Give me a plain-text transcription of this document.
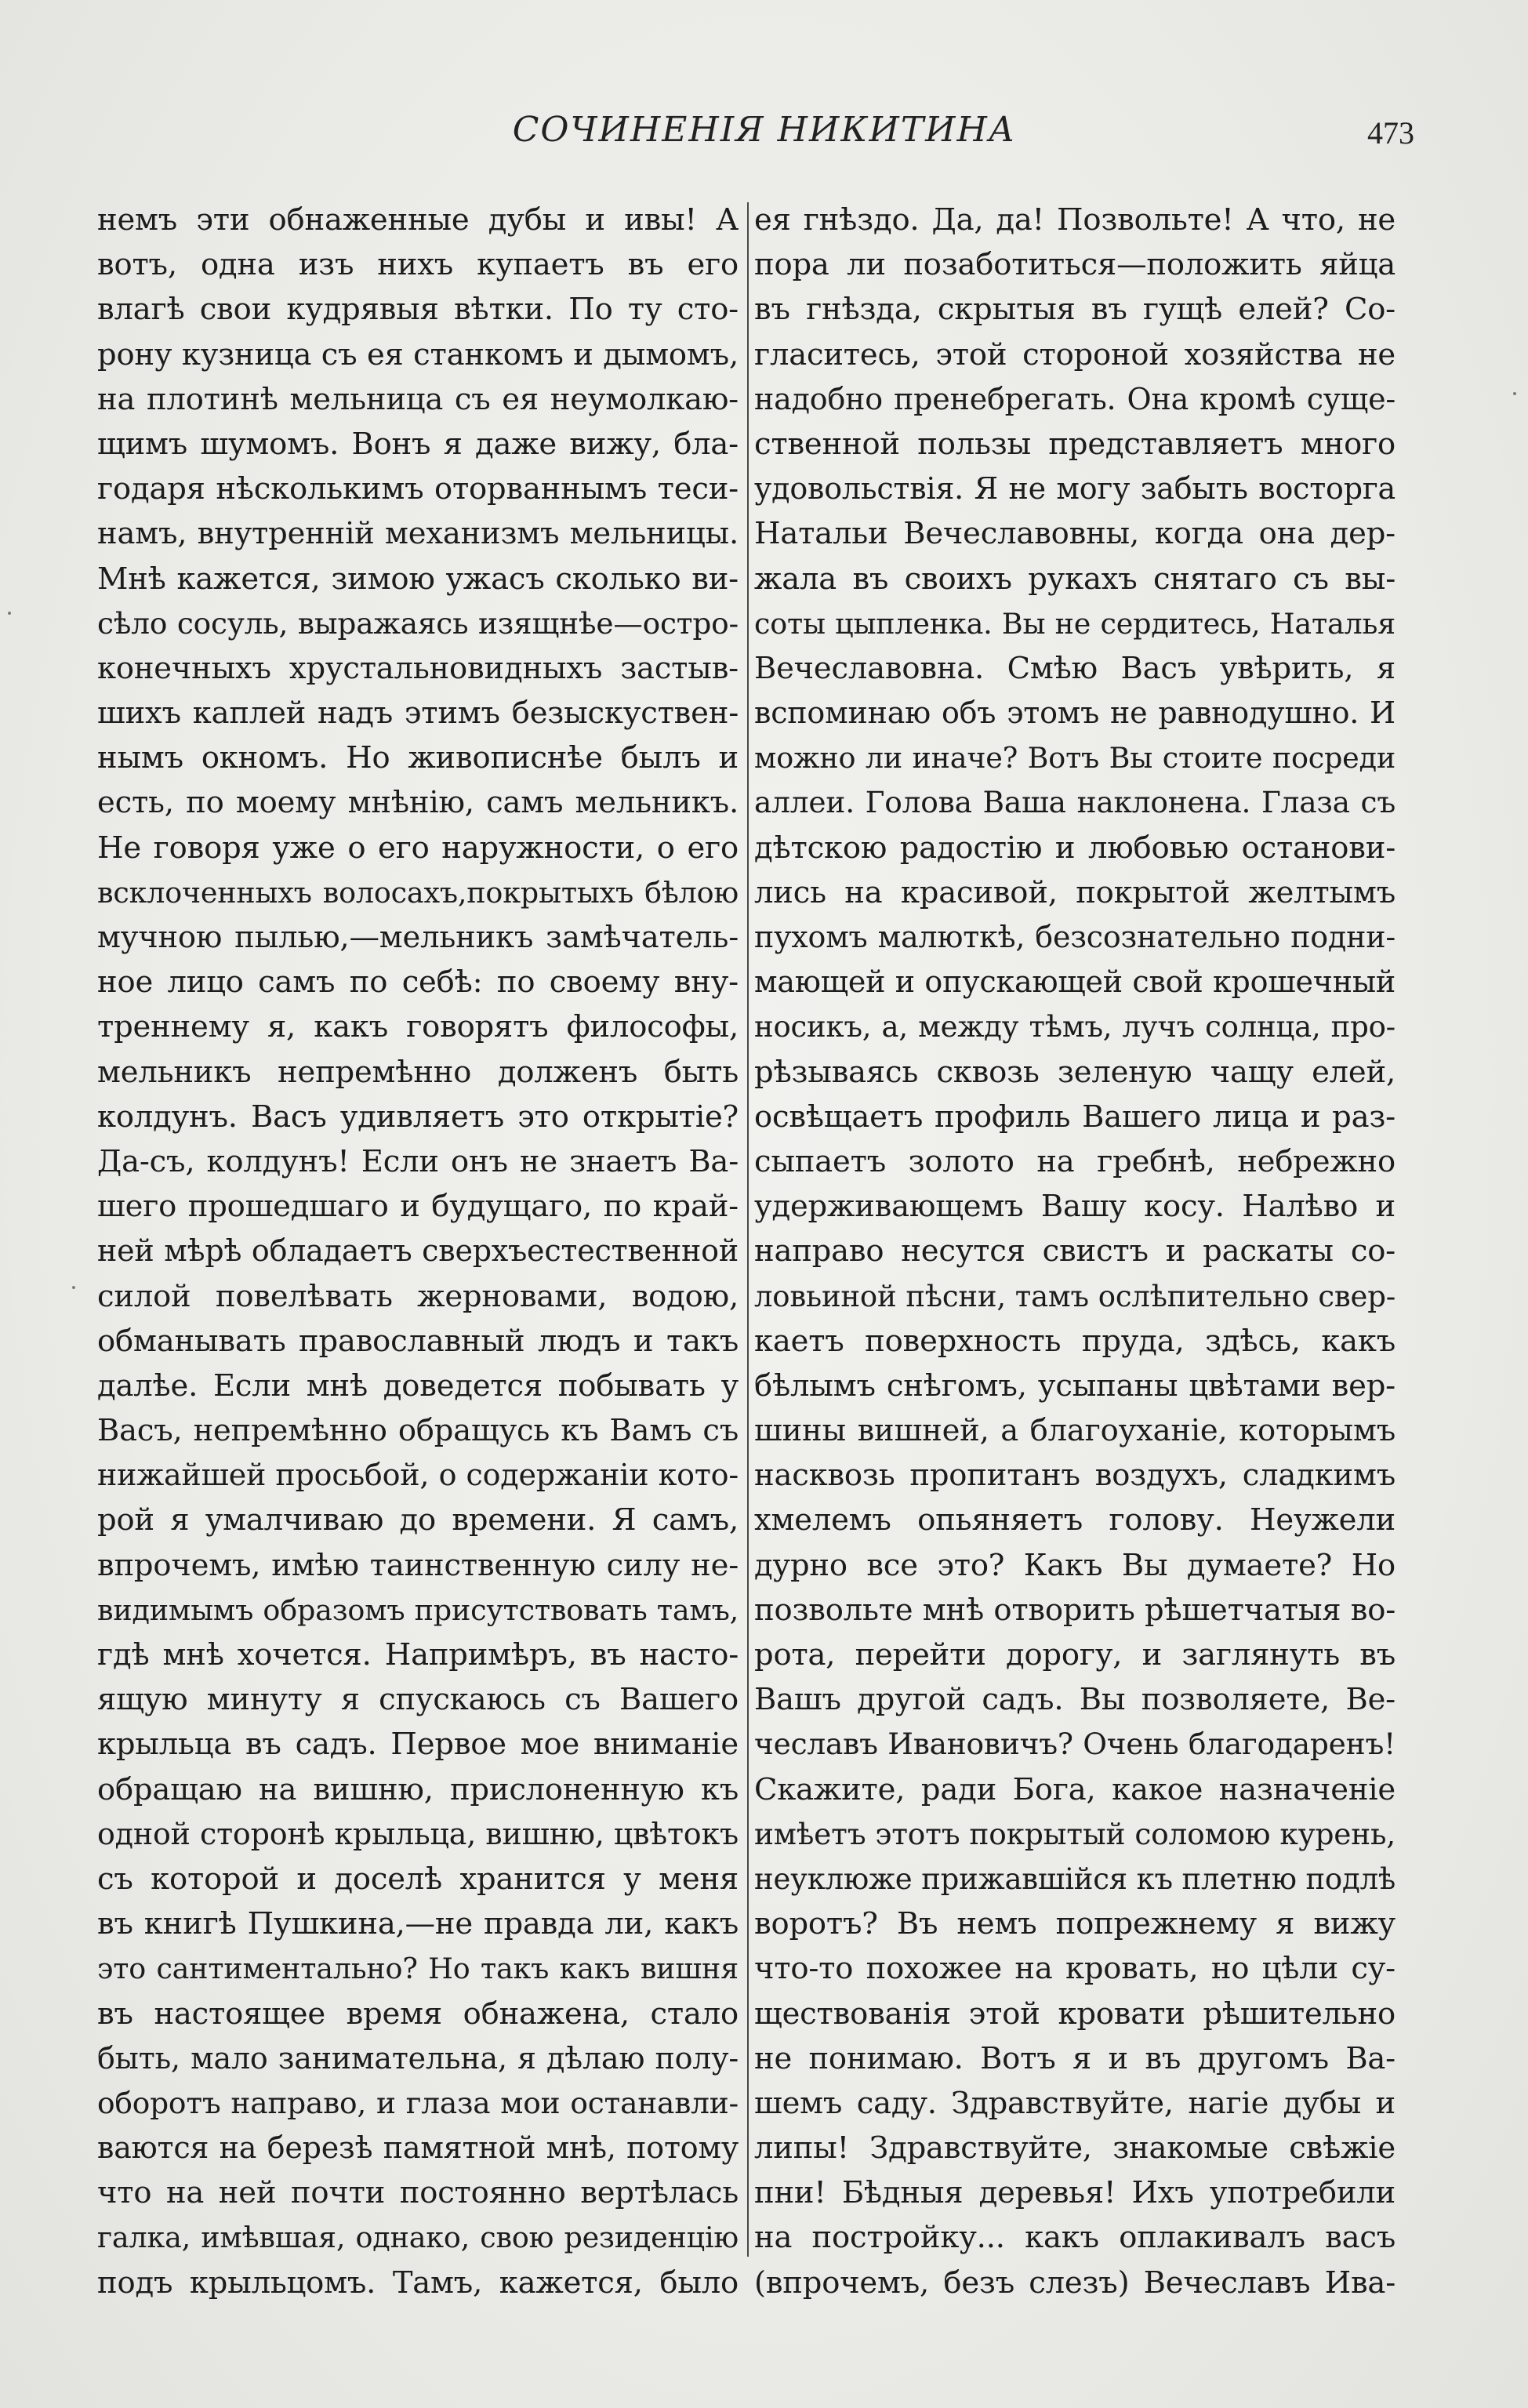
СОЧИНЕНІЯ НИКИТИНА	473
немъ эти обнаженные дубы и ивы! А
вотъ, одна изъ нихъ купаетъ въ его
влагѣ свои кудрявыя вѣтки. По ту сто-
рону кузница съ ея станкомъ и дымомъ,
на плотинѣ мельница съ ея неумолкаю-
щимъ шумомъ. Вонъ я даже вижу, бла-
годаря нѣсколькимъ оторваннымъ теси-
намъ, внутренній механизмъ мельницы.
Мнѣ кажется, зимою ужасъ сколько ви-
сѣло сосуль, выражаясь изящнѣе—остро-
конечныхъ хрустальновидныхъ застыв-
шихъ каплей надъ этимъ безыскуствен-
нымъ окномъ. Но живописнѣе былъ и
есть, по моему мнѣнію, самъ мельникъ.
Не говоря уже о его наружности, о его
всклоченныхъ волосахъ,покрытыхъ бѣлою
мучною пылью,—мельникъ замѣчатель-
ное лицо самъ по себѣ: по своему вну-
треннему я, какъ говорятъ философы,
мельникъ непремѣнно долженъ быть
колдунъ. Васъ удивляетъ это открытіе?
Да-съ, колдунъ! Если онъ не знаетъ Ва-
шего прошедшаго и будущаго, по край-
ней мѣрѣ обладаетъ сверхъестественной
силой повелѣвать жерновами, водою,
обманывать православный людъ и такъ
далѣе. Если мнѣ доведется побывать у
Васъ, непремѣнно обращусь къ Вамъ съ
нижайшей просьбой, о содержаніи кото-
рой я умалчиваю до времени. Я самъ,
впрочемъ, имѣю таинственную силу не-
видимымъ образомъ присутствовать тамъ,
гдѣ мнѣ хочется. Напримѣръ, въ насто-
ящую минуту я спускаюсь съ Вашего
крыльца въ садъ. Первое мое вниманіе
обращаю на вишню, прислоненную къ
одной сторонѣ крыльца, вишню, цвѣтокъ
съ которой и доселѣ хранится у меня
въ книгѣ Пушкина,—не правда ли, какъ
это сантиментально? Но такъ какъ вишня
въ настоящее время обнажена, стало
быть, мало занимательна, я дѣлаю полу-
оборотъ направо, и глаза мои останавли-
ваются на березѣ памятной мнѣ, потому
что на ней почти постоянно вертѣлась
галка, имѣвшая, однако, свою резиденцію
подъ крыльцомъ. Тамъ, кажется, было
ея гнѣздо. Да, да! Позвольте! А что, не
пора ли позаботиться—положить яйца
въ гнѣзда, скрытыя въ гущѣ елей? Со-
гласитесь, этой стороной хозяйства не
надобно пренебрегать. Она кромѣ суще-
ственной пользы представляетъ много
удовольствія. Я не могу забыть восторга
Натальи Вечеславовны, когда она дер-
жала въ своихъ рукахъ снятаго съ вы-
соты цыпленка. Вы не сердитесь, Наталья
Вечеславовна. Смѣю Васъ увѣрить, я
вспоминаю объ этомъ не равнодушно. И
можно ли иначе? Вотъ Вы стоите посреди
аллеи. Голова Ваша наклонена. Глаза съ
дѣтскою радостію и любовью останови-
лись на красивой, покрытой желтымъ
пухомъ малюткѣ, безсознательно подни-
мающей и опускающей свой крошечный
носикъ, а, между тѣмъ, лучъ солнца, про-
рѣзываясь сквозь зеленую чащу елей,
освѣщаетъ профиль Вашего лица и раз-
сыпаетъ золото на гребнѣ, небрежно
удерживающемъ Вашу косу. Налѣво и
направо несутся свистъ и раскаты со-
ловьиной пѣсни, тамъ ослѣпительно свер-
каетъ поверхность пруда, здѣсь, какъ
бѣлымъ снѣгомъ, усыпаны цвѣтами вер-
шины вишней, а благоуханіе, которымъ
насквозь пропитанъ воздухъ, сладкимъ
хмелемъ опьяняетъ голову. Неужели
дурно все это? Какъ Вы думаете? Но
позвольте мнѣ отворить рѣшетчатыя во-
рота, перейти дорогу, и заглянуть въ
Вашъ другой садъ. Вы позволяете, Ве-
чеславъ Ивановичъ? Очень благодаренъ!
Скажите, ради Бога, какое назначеніе
имѣетъ этотъ покрытый соломою курень,
неуклюже прижавшійся къ плетню подлѣ
воротъ? Въ немъ попрежнему я вижу
что-то похожее на кровать, но цѣли су-
ществованія этой кровати рѣшительно
не понимаю. Вотъ я и въ другомъ Ва-
шемъ саду. Здравствуйте, нагіе дубы и
липы! Здравствуйте, знакомые свѣжіе
пни! Бѣдныя деревья! Ихъ употребили
на постройку... какъ оплакивалъ васъ
(впрочемъ, безъ слезъ) Вечеславъ Ива-
